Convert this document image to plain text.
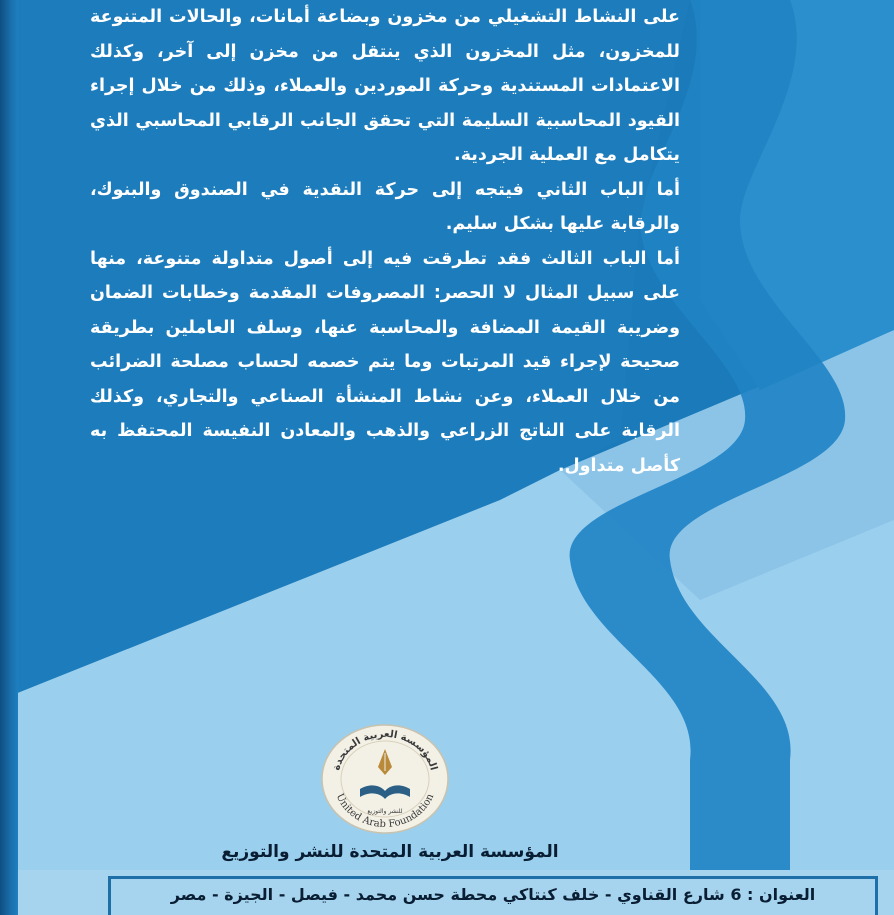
على النشاط التشغيلي من مخزون وبضاعة أمانات، والحالات المتنوعة للمخزون، مثل المخزون الذي ينتقل من مخزن إلى آخر، وكذلك الاعتمادات المستندية وحركة الموردين والعملاء، وذلك من خلال إجراء القيود المحاسبية السليمة التي تحقق الجانب الرقابي المحاسبي الذي يتكامل مع العملية الجردية.

أما الباب الثاني فيتجه إلى حركة النقدية في الصندوق والبنوك، والرقابة عليها بشكل سليم.

أما الباب الثالث فقد تطرقت فيه إلى أصول متداولة متنوعة، منها على سبيل المثال لا الحصر: المصروفات المقدمة وخطابات الضمان وضريبة القيمة المضافة والمحاسبة عنها، وسلف العاملين بطريقة صحيحة لإجراء قيد المرتبات وما يتم خصمه لحساب مصلحة الضرائب من خلال العملاء، وعن نشاط المنشأة الصناعي والتجاري، وكذلك الرقابة على الناتج الزراعي والذهب والمعادن النفيسة المحتفظ به كأصل متداول.

المؤسسة العربية المتحدة
United Arab Foundation
للنشر والتوزيع
المؤسسة العربية المتحدة للنشر والتوزيع
العنوان : 6 شارع القناوي - خلف كنتاكي محطة حسن محمد - فيصل - الجيزة - مصر
